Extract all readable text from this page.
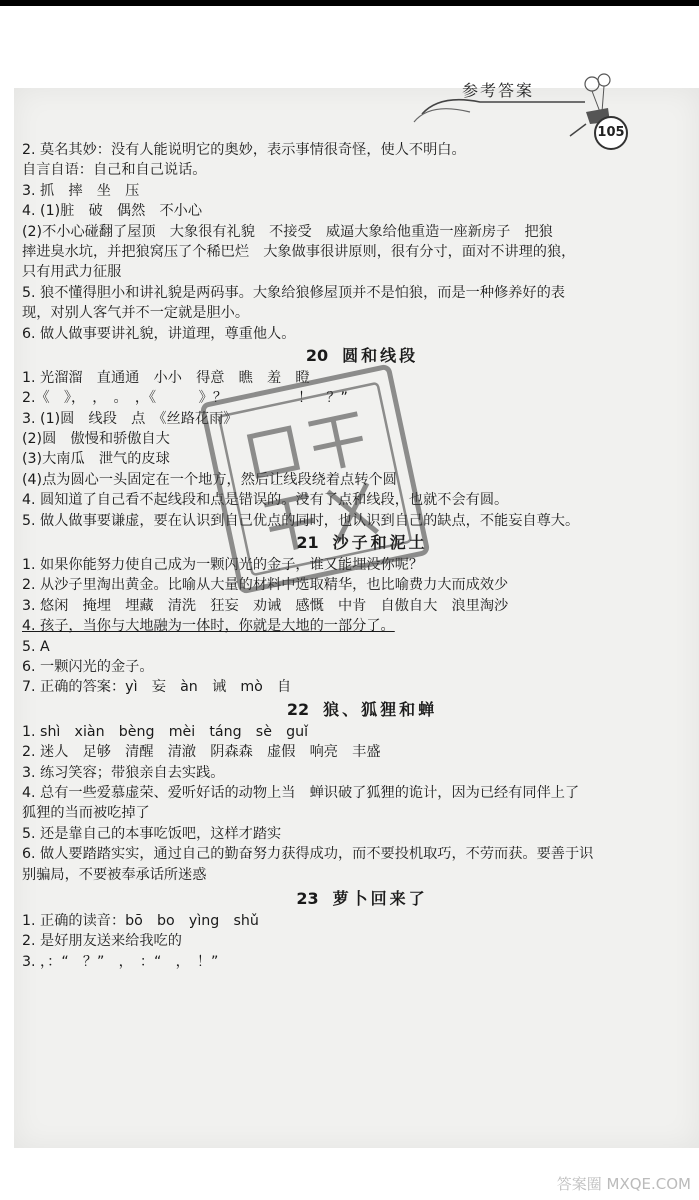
参考答案
105
2. 莫名其妙：没有人能说明它的奥妙，表示事情很奇怪，使人不明白。
自言自语：自己和自己说话。
3. 抓　摔　坐　压
4. (1)脏　破　偶然　不小心
(2)不小心碰翻了屋顶　大象很有礼貌　不接受　威逼大象给他重造一座新房子　把狼
摔进臭水坑，并把狼窝压了个稀巴烂　大象做事很讲原则，很有分寸，面对不讲理的狼，
只有用武力征服
5. 狼不懂得胆小和讲礼貌是两码事。大象给狼修屋顶并不是怕狼，而是一种修养好的表
现，对别人客气并不一定就是胆小。
6. 做人做事要讲礼貌，讲道理，尊重他人。
20 圆和线段
1. 光溜溜　直通通　小小　得意　瞧　羞　瞪
2.《　》，　，　。　，《　　　》？　　　　　！　？”
3. (1)圆　线段　点　《丝路花雨》
(2)圆　傲慢和骄傲自大
(3)大南瓜　泄气的皮球
(4)点为圆心一头固定在一个地方，然后让线段绕着点转个圆
4. 圆知道了自己看不起线段和点是错误的。没有了点和线段，也就不会有圆。
5. 做人做事要谦虚，要在认识到自己优点的同时，也认识到自己的缺点，不能妄自尊大。
21 沙子和泥土
1. 如果你能努力使自己成为一颗闪光的金子，谁又能埋没你呢？
2. 从沙子里淘出黄金。比喻从大量的材料中选取精华，也比喻费力大而成效少
3. 悠闲　掩埋　埋藏　清洗　狂妄　劝诫　感慨　中肯　自傲自大　浪里淘沙
4. 孩子，当你与大地融为一体时，你就是大地的一部分了。
5. A
6. 一颗闪光的金子。
7. 正确的答案：yì　妄　àn　诫　mò　自
22 狼、狐狸和蝉
1. shì　xiàn　bèng　mèi　táng　sè　guǐ
2. 迷人　足够　清醒　清澈　阴森森　虚假　响亮　丰盛
3. 练习笑容；带狼亲自去实践。
4. 总有一些爱慕虚荣、爱听好话的动物上当　蝉识破了狐狸的诡计，因为已经有同伴上了
狐狸的当而被吃掉了
5. 还是靠自己的本事吃饭吧，这样才踏实
6. 做人要踏踏实实，通过自己的勤奋努力获得成功，而不要投机取巧，不劳而获。要善于识
别骗局，不要被奉承话所迷惑
23 萝卜回来了
1. 正确的读音：bō　bo　yìng　shǔ
2. 是好朋友送来给我吃的
3. ，：“　？”　，　：“　，　！”
答案圈 MXQE.COM
